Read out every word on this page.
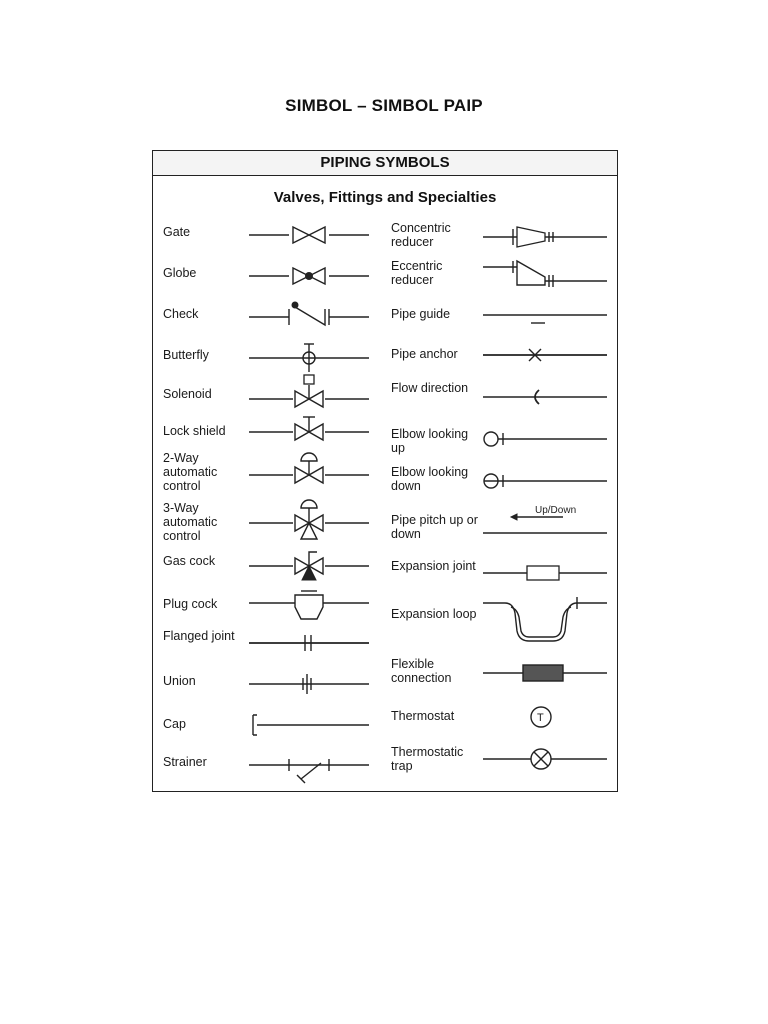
SIMBOL – SIMBOL PAIP
PIPING SYMBOLS
Valves, Fittings and Specialties
Gate
Globe
Check
Butterfly
Solenoid
Lock shield
2-Way automatic control
3-Way automatic control
Gas cock
Plug cock
Flanged joint
Union
Cap
Strainer
Concentric reducer
Eccentric reducer
Pipe guide
Pipe anchor
Flow direction
Elbow looking up
Elbow looking down
Pipe pitch up or down
Up/Down
Expansion joint
Expansion loop
Flexible connection
Thermostat	T
Thermostatic trap
